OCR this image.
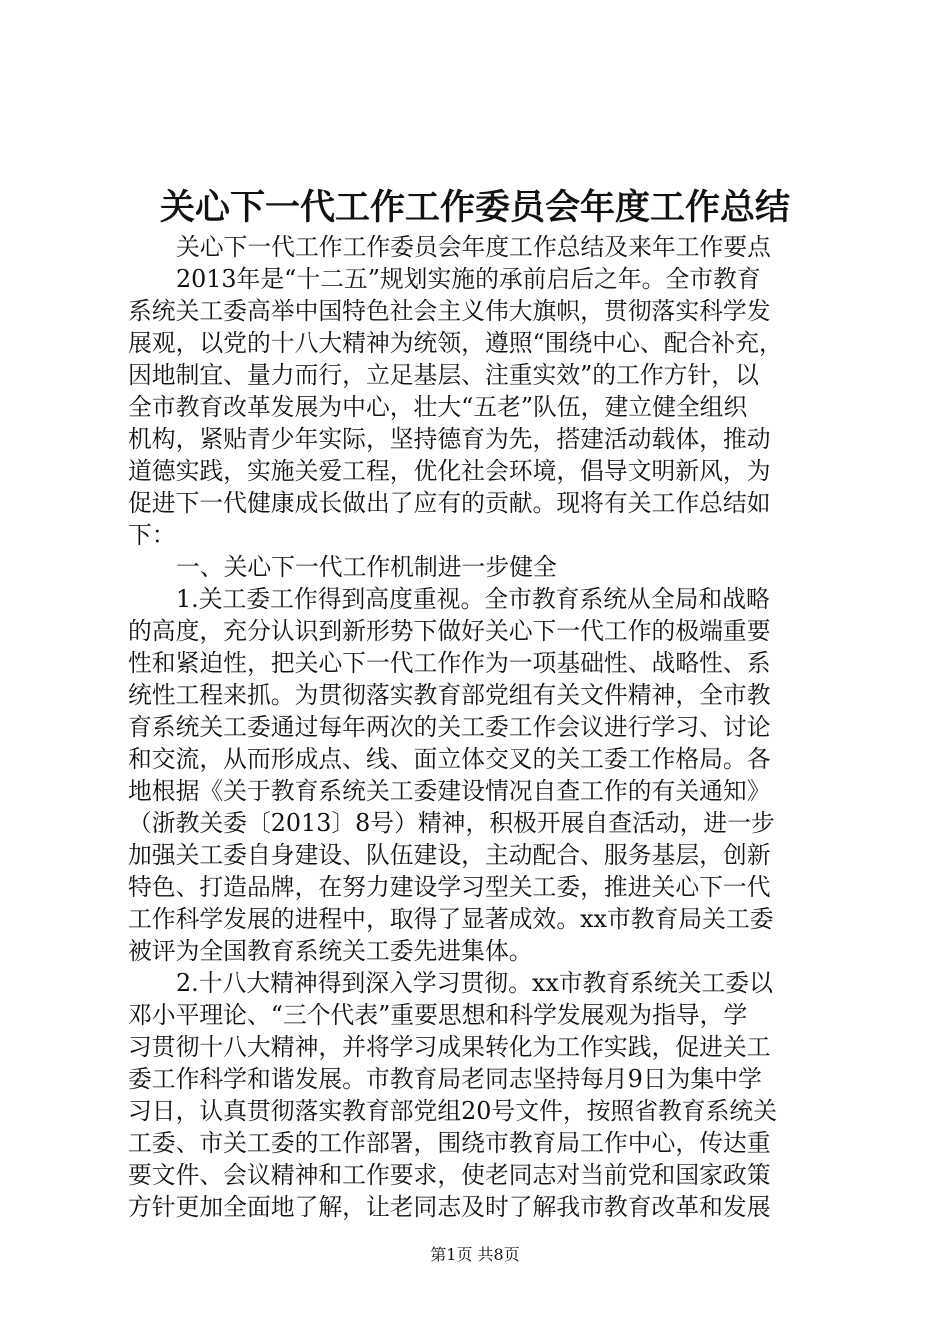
关心下一代工作工作委员会年度工作总结
关心下一代工作工作委员会年度工作总结及来年工作要点
2013年是“十二五”规划实施的承前启后之年。全市教育
系统关工委高举中国特色社会主义伟大旗帜，贯彻落实科学发
展观，以党的十八大精神为统领，遵照“围绕中心、配合补充，
因地制宜、量力而行，立足基层、注重实效”的工作方针，以
全市教育改革发展为中心，壮大“五老”队伍，建立健全组织
机构，紧贴青少年实际，坚持德育为先，搭建活动载体，推动
道德实践，实施关爱工程，优化社会环境，倡导文明新风，为
促进下一代健康成长做出了应有的贡献。现将有关工作总结如
下：
一、关心下一代工作机制进一步健全
1.关工委工作得到高度重视。全市教育系统从全局和战略
的高度，充分认识到新形势下做好关心下一代工作的极端重要
性和紧迫性，把关心下一代工作作为一项基础性、战略性、系
统性工程来抓。为贯彻落实教育部党组有关文件精神，全市教
育系统关工委通过每年两次的关工委工作会议进行学习、讨论
和交流，从而形成点、线、面立体交叉的关工委工作格局。各
地根据《关于教育系统关工委建设情况自查工作的有关通知》
（浙教关委〔2013〕8号）精神，积极开展自查活动，进一步
加强关工委自身建设、队伍建设，主动配合、服务基层，创新
特色、打造品牌，在努力建设学习型关工委，推进关心下一代
工作科学发展的进程中，取得了显著成效。xx市教育局关工委
被评为全国教育系统关工委先进集体。
2.十八大精神得到深入学习贯彻。xx市教育系统关工委以
邓小平理论、“三个代表”重要思想和科学发展观为指导，学
习贯彻十八大精神，并将学习成果转化为工作实践，促进关工
委工作科学和谐发展。市教育局老同志坚持每月9日为集中学
习日，认真贯彻落实教育部党组20号文件，按照省教育系统关
工委、市关工委的工作部署，围绕市教育局工作中心，传达重
要文件、会议精神和工作要求，使老同志对当前党和国家政策
方针更加全面地了解，让老同志及时了解我市教育改革和发展
第1页 共8页
